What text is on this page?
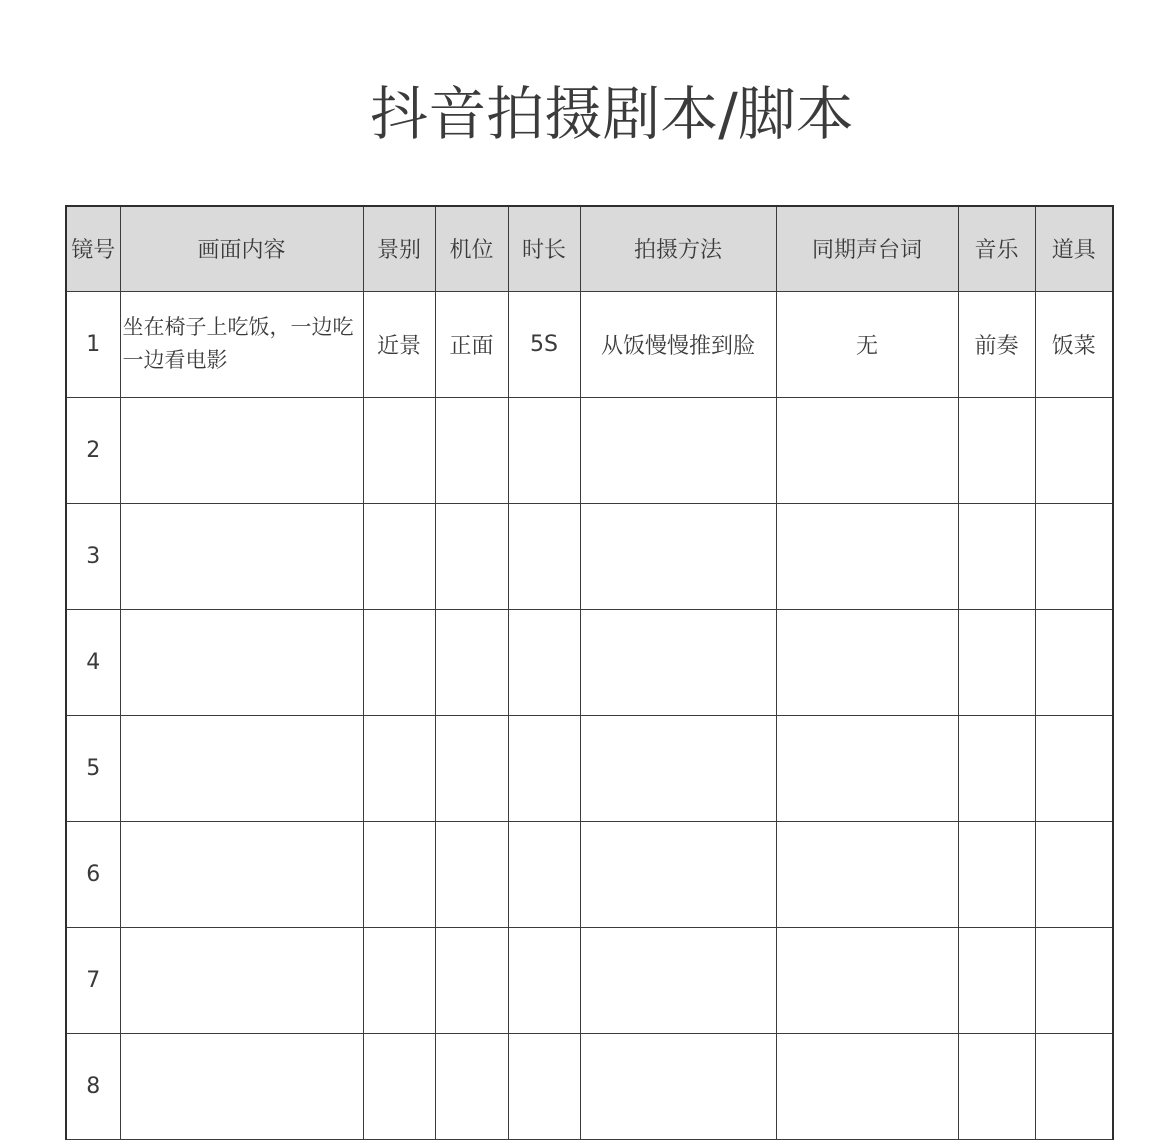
抖音拍摄剧本/脚本
镜号	画面内容	景别	机位	时长	拍摄方法	同期声台词	音乐	道具
1	坐在椅子上吃饭，一边吃一边看电影	近景	正面	5S	从饭慢慢推到脸	无	前奏	饭菜
2								
3								
4								
5								
6								
7								
8								
